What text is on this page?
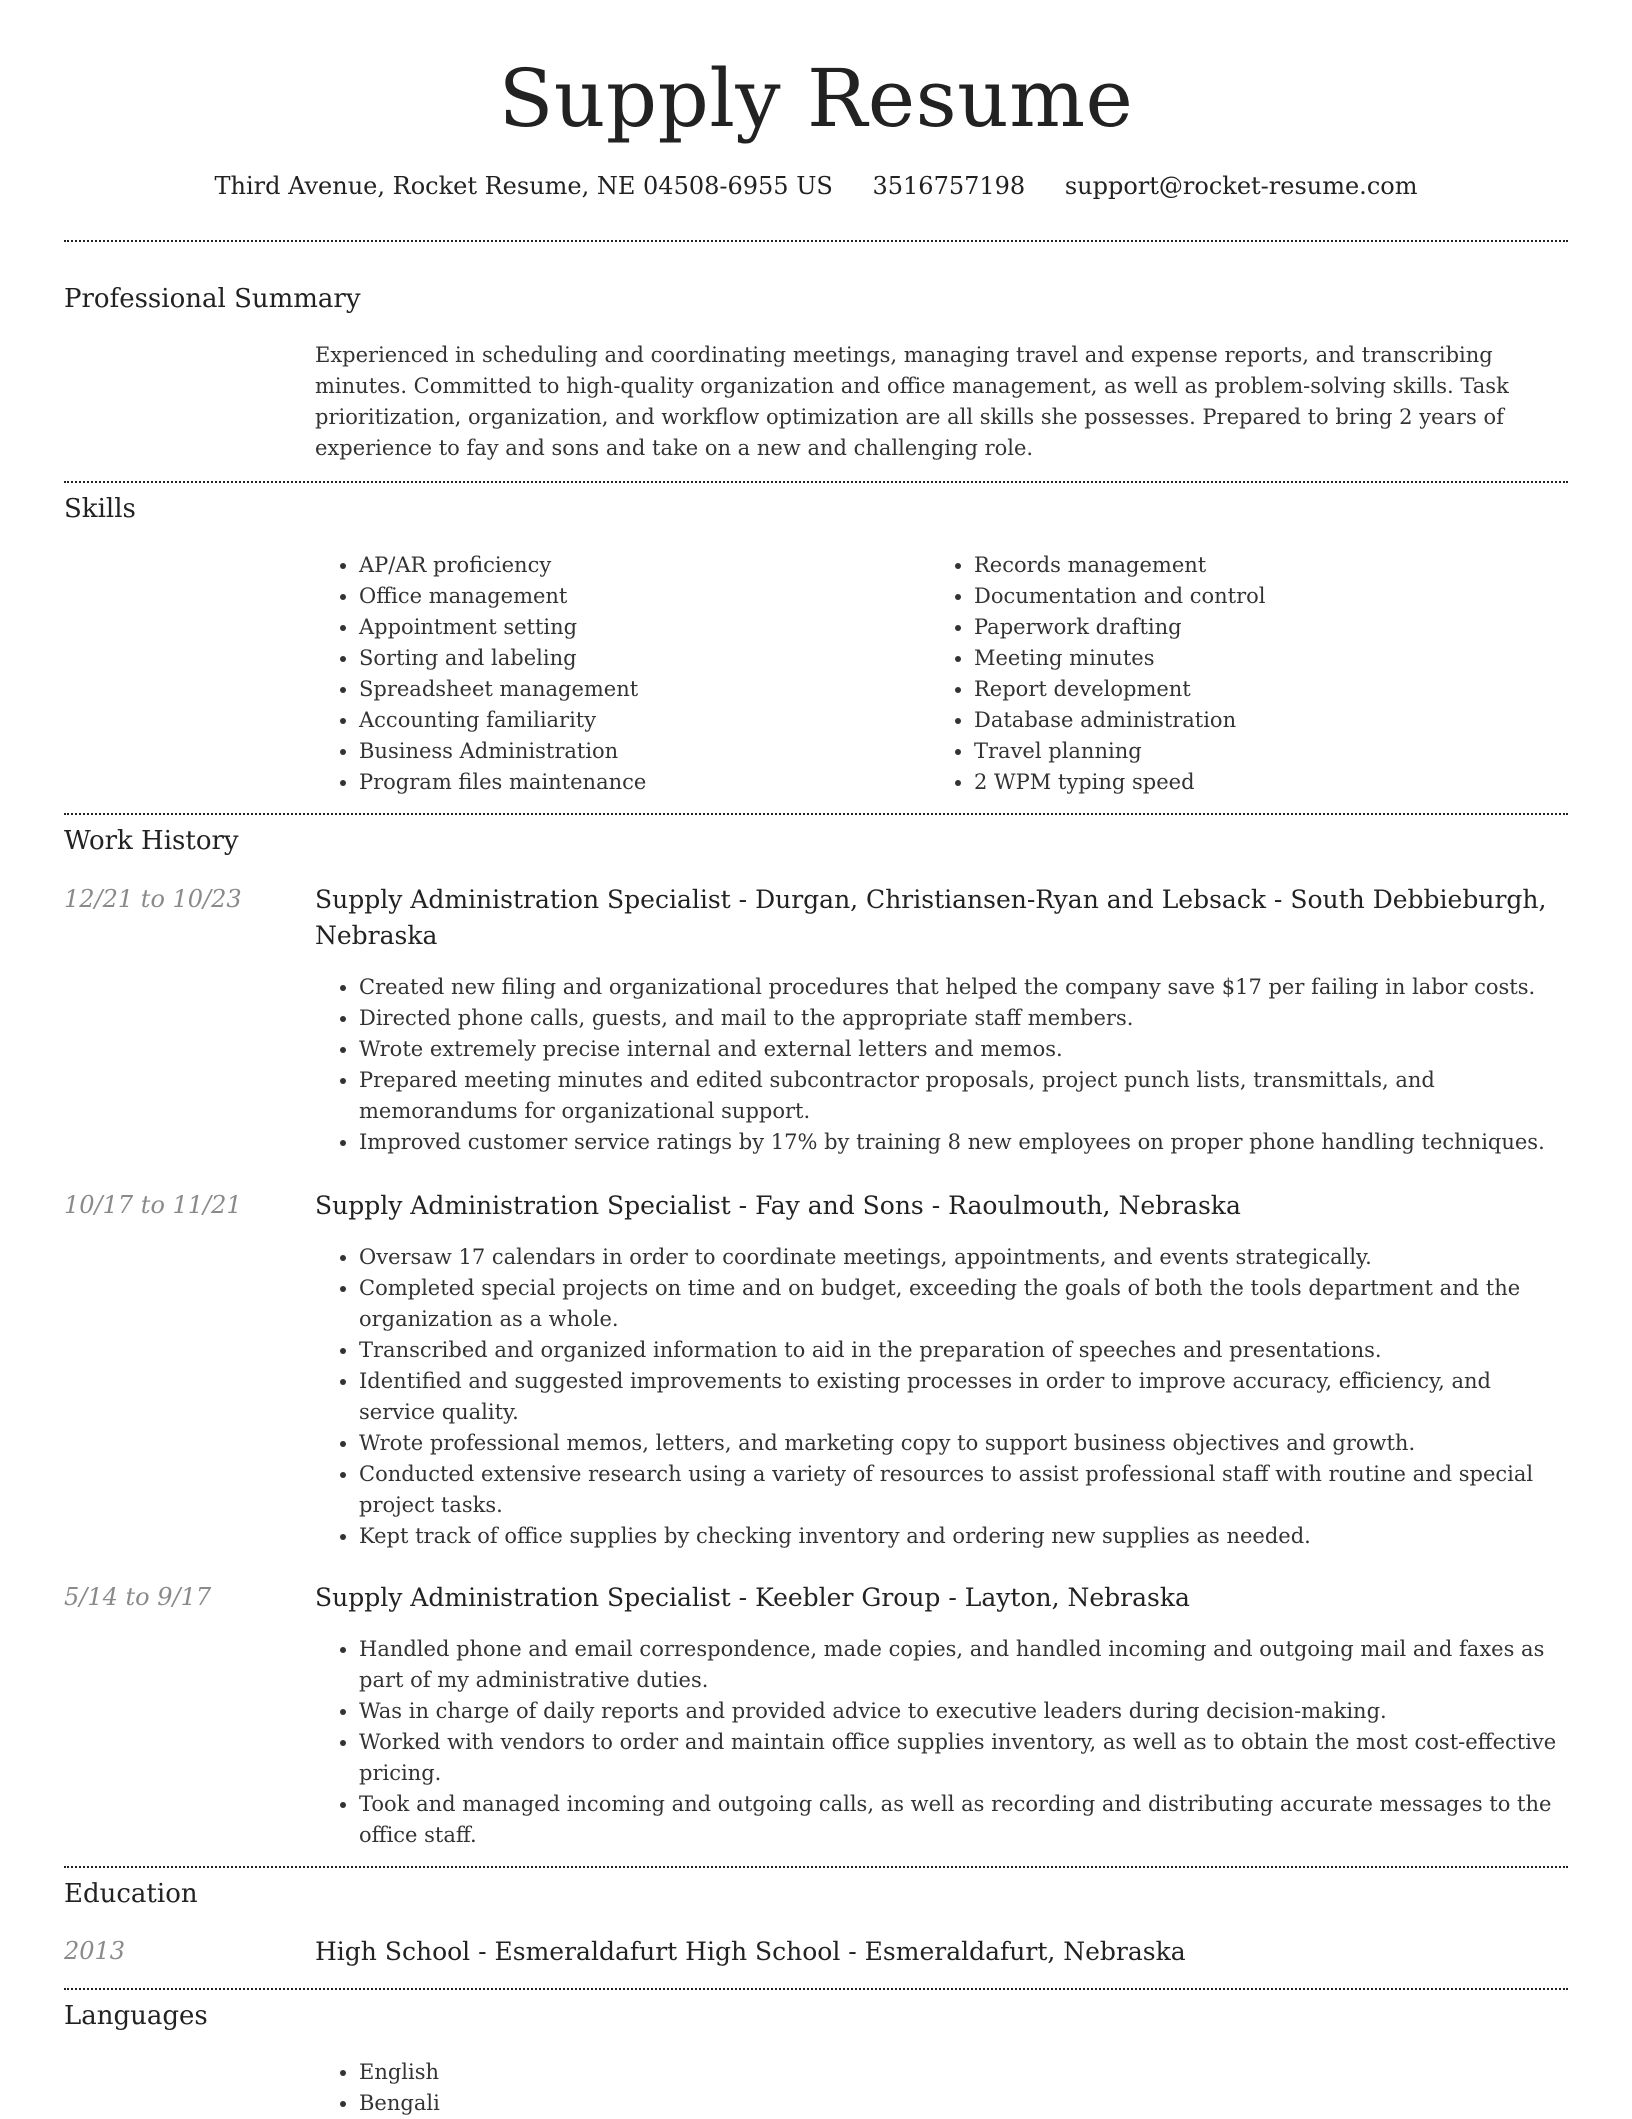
Supply Resume
Third Avenue, Rocket Resume, NE 04508-6955 US 3516757198 support@rocket-resume.com
Professional Summary

Experienced in scheduling and coordinating meetings, managing travel and expense reports, and transcribing minutes. Committed to high-quality organization and office management, as well as problem-solving skills. Task prioritization, organization, and workflow optimization are all skills she possesses. Prepared to bring 2 years of experience to fay and sons and take on a new and challenging role.

Skills
• AP/AR proficiency
• Office management
• Appointment setting
• Sorting and labeling
• Spreadsheet management
• Accounting familiarity
• Business Administration
• Program files maintenance
• Records management
• Documentation and control
• Paperwork drafting
• Meeting minutes
• Report development
• Database administration
• Travel planning
• 2 WPM typing speed
Work History
12/21 to 10/23	Supply Administration Specialist - Durgan, Christiansen-Ryan and Lebsack - South Debbieburgh, Nebraska
• Created new filing and organizational procedures that helped the company save $17 per failing in labor costs.
• Directed phone calls, guests, and mail to the appropriate staff members.
• Wrote extremely precise internal and external letters and memos.
• Prepared meeting minutes and edited subcontractor proposals, project punch lists, transmittals, and memorandums for organizational support.
• Improved customer service ratings by 17% by training 8 new employees on proper phone handling techniques.
10/17 to 11/21	Supply Administration Specialist - Fay and Sons - Raoulmouth, Nebraska
• Oversaw 17 calendars in order to coordinate meetings, appointments, and events strategically.
• Completed special projects on time and on budget, exceeding the goals of both the tools department and the organization as a whole.
• Transcribed and organized information to aid in the preparation of speeches and presentations.
• Identified and suggested improvements to existing processes in order to improve accuracy, efficiency, and service quality.
• Wrote professional memos, letters, and marketing copy to support business objectives and growth.
• Conducted extensive research using a variety of resources to assist professional staff with routine and special project tasks.
• Kept track of office supplies by checking inventory and ordering new supplies as needed.
5/14 to 9/17	Supply Administration Specialist - Keebler Group - Layton, Nebraska
• Handled phone and email correspondence, made copies, and handled incoming and outgoing mail and faxes as part of my administrative duties.
• Was in charge of daily reports and provided advice to executive leaders during decision-making.
• Worked with vendors to order and maintain office supplies inventory, as well as to obtain the most cost-effective pricing.
• Took and managed incoming and outgoing calls, as well as recording and distributing accurate messages to the office staff.
Education
2013	High School - Esmeraldafurt High School - Esmeraldafurt, Nebraska
Languages
• English
• Bengali
